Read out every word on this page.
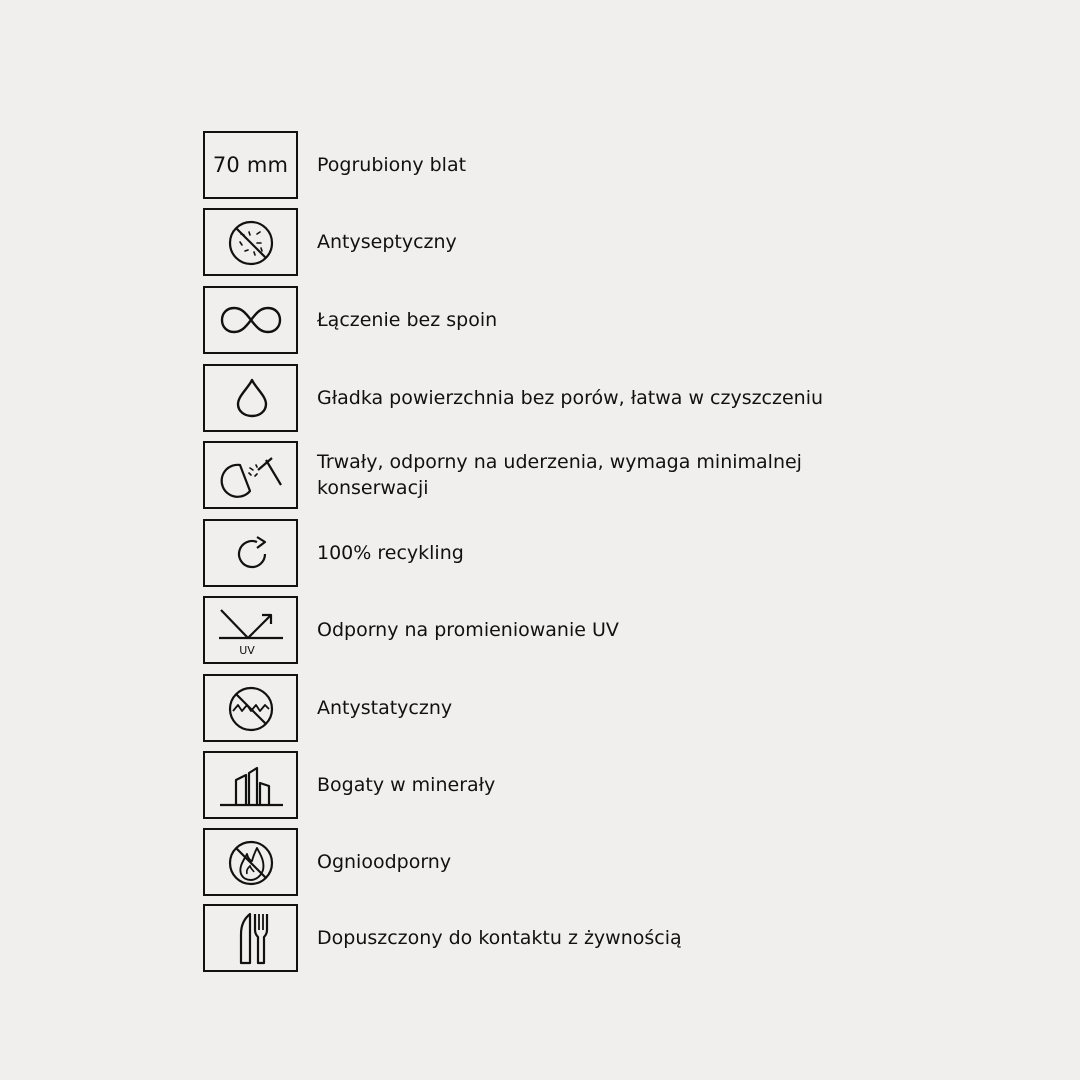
70 mm	Pogrubiony blat
Antyseptyczny
Łączenie bez spoin
Gładka powierzchnia bez porów, łatwa w czyszczeniu
Trwały, odporny na uderzenia, wymaga minimalnej konserwacji
100% recykling
UV
Odporny na promieniowanie UV
Antystatyczny
Bogaty w minerały
Ognioodporny
Dopuszczony do kontaktu z żywnością
